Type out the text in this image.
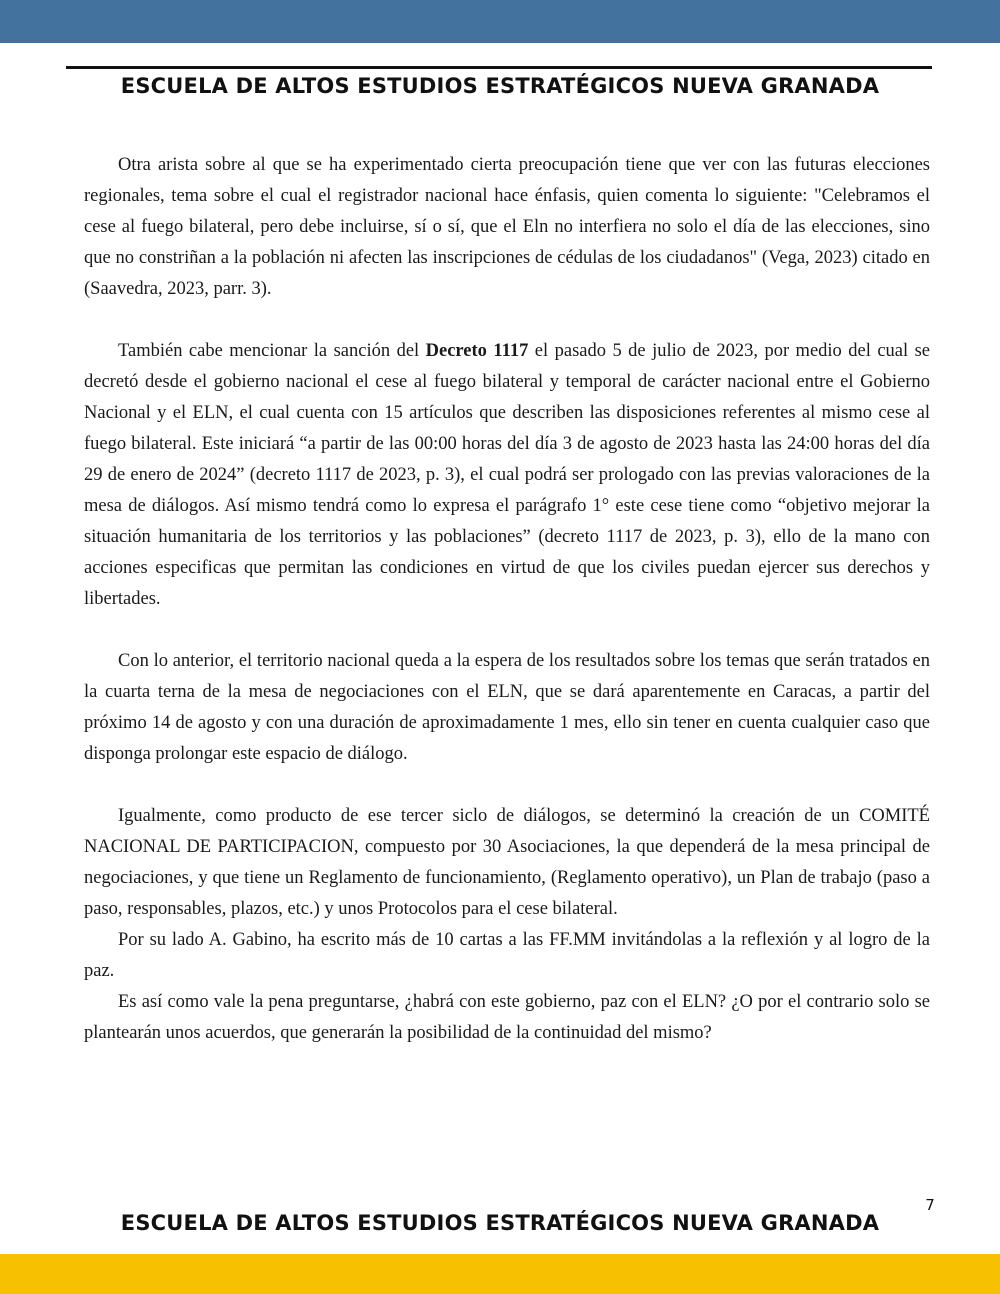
ESCUELA DE ALTOS ESTUDIOS ESTRATÉGICOS NUEVA GRANADA

Otra arista sobre al que se ha experimentado cierta preocupación tiene que ver con las futuras elecciones regionales, tema sobre el cual el registrador nacional hace énfasis, quien comenta lo siguiente: "Celebramos el cese al fuego bilateral, pero debe incluirse, sí o sí, que el Eln no interfiera no solo el día de las elecciones, sino que no constriñan a la población ni afecten las inscripciones de cédulas de los ciudadanos" (Vega, 2023) citado en (Saavedra, 2023, parr. 3).

También cabe mencionar la sanción del Decreto 1117 el pasado 5 de julio de 2023, por medio del cual se decretó desde el gobierno nacional el cese al fuego bilateral y temporal de carácter nacional entre el Gobierno Nacional y el ELN, el cual cuenta con 15 artículos que describen las disposiciones referentes al mismo cese al fuego bilateral. Este iniciará “a partir de las 00:00 horas del día 3 de agosto de 2023 hasta las 24:00 horas del día 29 de enero de 2024” (decreto 1117 de 2023, p. 3), el cual podrá ser prologado con las previas valoraciones de la mesa de diálogos. Así mismo tendrá como lo expresa el parágrafo 1° este cese tiene como “objetivo mejorar la situación humanitaria de los territorios y las poblaciones” (decreto 1117 de 2023, p. 3), ello de la mano con acciones especificas que permitan las condiciones en virtud de que los civiles puedan ejercer sus derechos y libertades.

Con lo anterior, el territorio nacional queda a la espera de los resultados sobre los temas que serán tratados en la cuarta terna de la mesa de negociaciones con el ELN, que se dará aparentemente en Caracas, a partir del próximo 14 de agosto y con una duración de aproximadamente 1 mes, ello sin tener en cuenta cualquier caso que disponga prolongar este espacio de diálogo.

Igualmente, como producto de ese tercer siclo de diálogos, se determinó la creación de un COMITÉ NACIONAL DE PARTICIPACION, compuesto por 30 Asociaciones, la que dependerá de la mesa principal de negociaciones, y que tiene un Reglamento de funcionamiento, (Reglamento operativo), un Plan de trabajo (paso a paso, responsables, plazos, etc.) y unos Protocolos para el cese bilateral.

Por su lado A. Gabino, ha escrito más de 10 cartas a las FF.MM invitándolas a la reflexión y al logro de la paz.

Es así como vale la pena preguntarse, ¿habrá con este gobierno, paz con el ELN? ¿O por el contrario solo se plantearán unos acuerdos, que generarán la posibilidad de la continuidad del mismo?

7
ESCUELA DE ALTOS ESTUDIOS ESTRATÉGICOS NUEVA GRANADA
